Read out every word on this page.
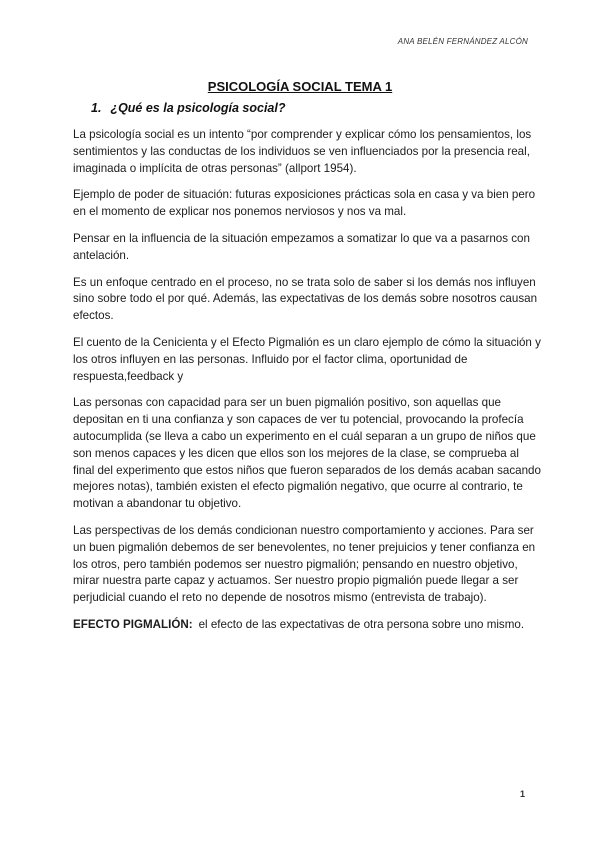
ANA BELÉN FERNÁNDEZ ALCÓN
PSICOLOGÍA SOCIAL TEMA 1
1. ¿Qué es la psicología social?

La psicología social es un intento “por comprender y explicar cómo los pensamientos, los sentimientos y las conductas de los individuos se ven influenciados por la presencia real, imaginada o implícita de otras personas” (allport 1954).

Ejemplo de poder de situación: futuras exposiciones prácticas sola en casa y va bien pero en el momento de explicar nos ponemos nerviosos y nos va mal.

Pensar en la influencia de la situación empezamos a somatizar lo que va a pasarnos con antelación.

Es un enfoque centrado en el proceso, no se trata solo de saber si los demás nos influyen sino sobre todo el por qué. Además, las expectativas de los demás sobre nosotros causan efectos.

El cuento de la Cenicienta y el Efecto Pigmalión es un claro ejemplo de cómo la situación y los otros influyen en las personas. Influido por el factor clima, oportunidad de respuesta,feedback y

Las personas con capacidad para ser un buen pigmalión positivo, son aquellas que depositan en ti una confianza y son capaces de ver tu potencial, provocando la profecía autocumplida (se lleva a cabo un experimento en el cuál separan a un grupo de niños que son menos capaces y les dicen que ellos son los mejores de la clase, se comprueba al final del experimento que estos niños que fueron separados de los demás acaban sacando mejores notas), también existen el efecto pigmalión negativo, que ocurre al contrario, te motivan a abandonar tu objetivo.

Las perspectivas de los demás condicionan nuestro comportamiento y acciones. Para ser un buen pigmalión debemos de ser benevolentes, no tener prejuicios y tener confianza en los otros, pero también podemos ser nuestro pigmalión; pensando en nuestro objetivo, mirar nuestra parte capaz y actuamos. Ser nuestro propio pigmalión puede llegar a ser perjudicial cuando el reto no depende de nosotros mismo (entrevista de trabajo).

EFECTO PIGMALIÓN: el efecto de las expectativas de otra persona sobre uno mismo.

1
